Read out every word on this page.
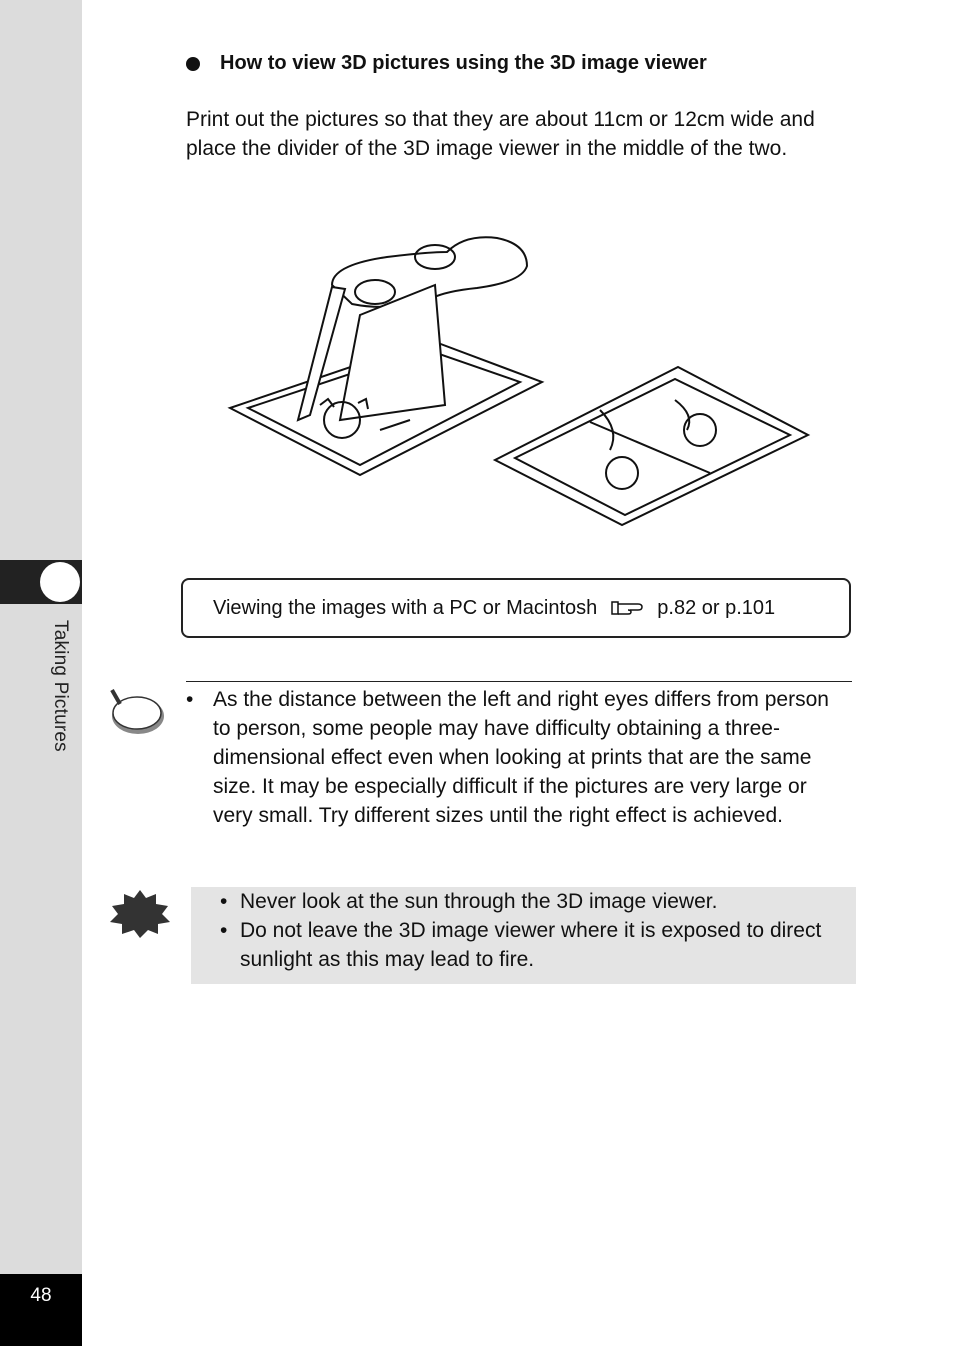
Taking Pictures
48
How to view 3D pictures using the 3D image viewer
Print out the pictures so that they are about 11cm or 12cm wide and place the divider of the 3D image viewer in the middle of the two.
Viewing the images with a PC or Macintosh	p.82 or p.101
• As the distance between the left and right eyes differs from person to person, some people may have difficulty obtaining a three-dimensional effect even when looking at prints that are the same size. It may be especially difficult if the pictures are very large or very small. Try different sizes until the right effect is achieved.
• Never look at the sun through the 3D image viewer.
• Do not leave the 3D image viewer where it is exposed to direct sunlight as this may lead to fire.
